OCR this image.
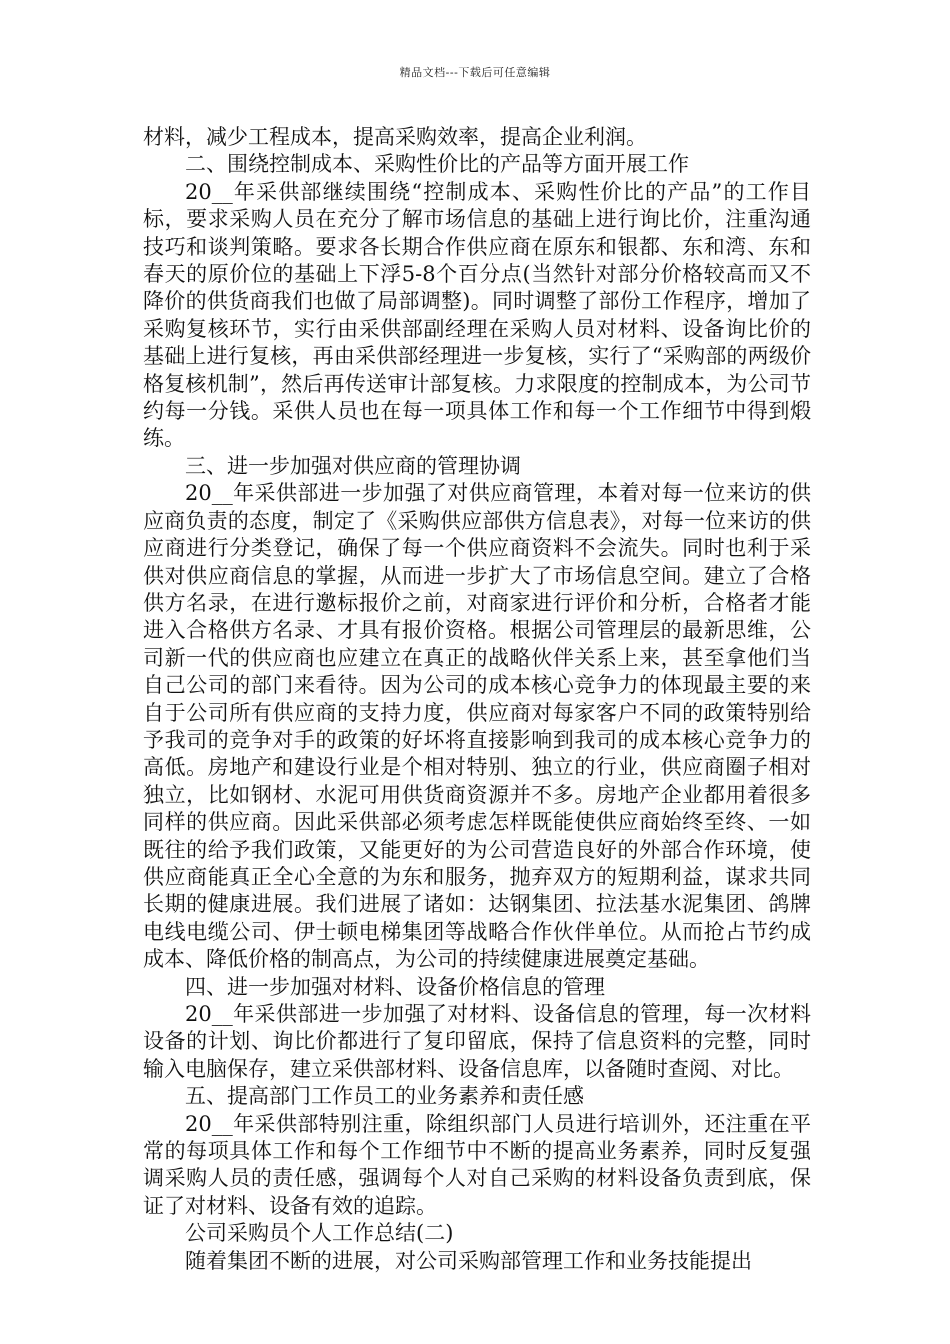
精品文档---下载后可任意编辑

材料，减少工程成本，提高采购效率，提高企业利润。

二、围绕控制成本、采购性价比的产品等方面开展工作

20__年采供部继续围绕“控制成本、采购性价比的产品”的工作目标，要求采购人员在充分了解市场信息的基础上进行询比价，注重沟通技巧和谈判策略。要求各长期合作供应商在原东和银都、东和湾、东和春天的原价位的基础上下浮5-8个百分点(当然针对部分价格较高而又不降价的供货商我们也做了局部调整)。同时调整了部份工作程序，增加了采购复核环节，实行由采供部副经理在采购人员对材料、设备询比价的基础上进行复核，再由采供部经理进一步复核，实行了“采购部的两级价格复核机制”，然后再传送审计部复核。力求限度的控制成本，为公司节约每一分钱。采供人员也在每一项具体工作和每一个工作细节中得到煅练。

三、进一步加强对供应商的管理协调

20__年采供部进一步加强了对供应商管理，本着对每一位来访的供应商负责的态度，制定了《采购供应部供方信息表》，对每一位来访的供应商进行分类登记，确保了每一个供应商资料不会流失。同时也利于采供对供应商信息的掌握，从而进一步扩大了市场信息空间。建立了合格供方名录，在进行邀标报价之前，对商家进行评价和分析，合格者才能进入合格供方名录、才具有报价资格。根据公司管理层的最新思维，公司新一代的供应商也应建立在真正的战略伙伴关系上来，甚至拿他们当自己公司的部门来看待。因为公司的成本核心竞争力的体现最主要的来自于公司所有供应商的支持力度，供应商对每家客户不同的政策特别给予我司的竞争对手的政策的好坏将直接影响到我司的成本核心竞争力的高低。房地产和建设行业是个相对特别、独立的行业，供应商圈子相对独立，比如钢材、水泥可用供货商资源并不多。房地产企业都用着很多同样的供应商。因此采供部必须考虑怎样既能使供应商始终至终、一如既往的给予我们政策，又能更好的为公司营造良好的外部合作环境，使供应商能真正全心全意的为东和服务，抛弃双方的短期利益，谋求共同长期的健康进展。我们进展了诸如：达钢集团、拉法基水泥集团、鸽牌电线电缆公司、伊士顿电梯集团等战略合作伙伴单位。从而抢占节约成成本、降低价格的制高点，为公司的持续健康进展奠定基础。

四、进一步加强对材料、设备价格信息的管理

20__年采供部进一步加强了对材料、设备信息的管理，每一次材料设备的计划、询比价都进行了复印留底，保持了信息资料的完整，同时输入电脑保存，建立采供部材料、设备信息库，以备随时查阅、对比。

五、提高部门工作员工的业务素养和责任感

20__年采供部特别注重，除组织部门人员进行培训外，还注重在平常的每项具体工作和每个工作细节中不断的提高业务素养，同时反复强调采购人员的责任感，强调每个人对自己采购的材料设备负责到底，保证了对材料、设备有效的追踪。

公司采购员个人工作总结(二)

随着集团不断的进展，对公司采购部管理工作和业务技能提出
